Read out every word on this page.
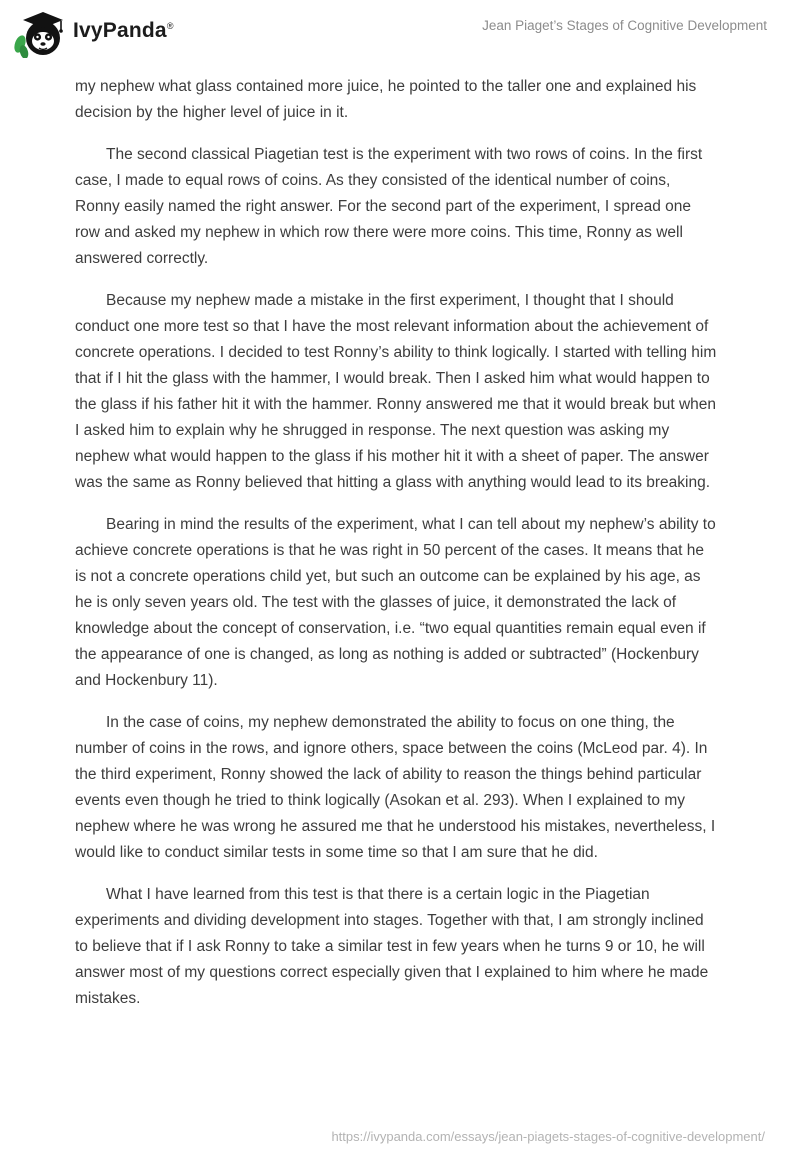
IvyPanda®	Jean Piaget’s Stages of Cognitive Development

my nephew what glass contained more juice, he pointed to the taller one and explained his decision by the higher level of juice in it.

The second classical Piagetian test is the experiment with two rows of coins. In the first case, I made to equal rows of coins. As they consisted of the identical number of coins, Ronny easily named the right answer. For the second part of the experiment, I spread one row and asked my nephew in which row there were more coins. This time, Ronny as well answered correctly.

Because my nephew made a mistake in the first experiment, I thought that I should conduct one more test so that I have the most relevant information about the achievement of concrete operations. I decided to test Ronny’s ability to think logically. I started with telling him that if I hit the glass with the hammer, I would break. Then I asked him what would happen to the glass if his father hit it with the hammer. Ronny answered me that it would break but when I asked him to explain why he shrugged in response. The next question was asking my nephew what would happen to the glass if his mother hit it with a sheet of paper. The answer was the same as Ronny believed that hitting a glass with anything would lead to its breaking.

Bearing in mind the results of the experiment, what I can tell about my nephew’s ability to achieve concrete operations is that he was right in 50 percent of the cases. It means that he is not a concrete operations child yet, but such an outcome can be explained by his age, as he is only seven years old. The test with the glasses of juice, it demonstrated the lack of knowledge about the concept of conservation, i.e. “two equal quantities remain equal even if the appearance of one is changed, as long as nothing is added or subtracted” (Hockenbury and Hockenbury 11).

In the case of coins, my nephew demonstrated the ability to focus on one thing, the number of coins in the rows, and ignore others, space between the coins (McLeod par. 4). In the third experiment, Ronny showed the lack of ability to reason the things behind particular events even though he tried to think logically (Asokan et al. 293). When I explained to my nephew where he was wrong he assured me that he understood his mistakes, nevertheless, I would like to conduct similar tests in some time so that I am sure that he did.

What I have learned from this test is that there is a certain logic in the Piagetian experiments and dividing development into stages. Together with that, I am strongly inclined to believe that if I ask Ronny to take a similar test in few years when he turns 9 or 10, he will answer most of my questions correct especially given that I explained to him where he made mistakes.

https://ivypanda.com/essays/jean-piagets-stages-of-cognitive-development/
